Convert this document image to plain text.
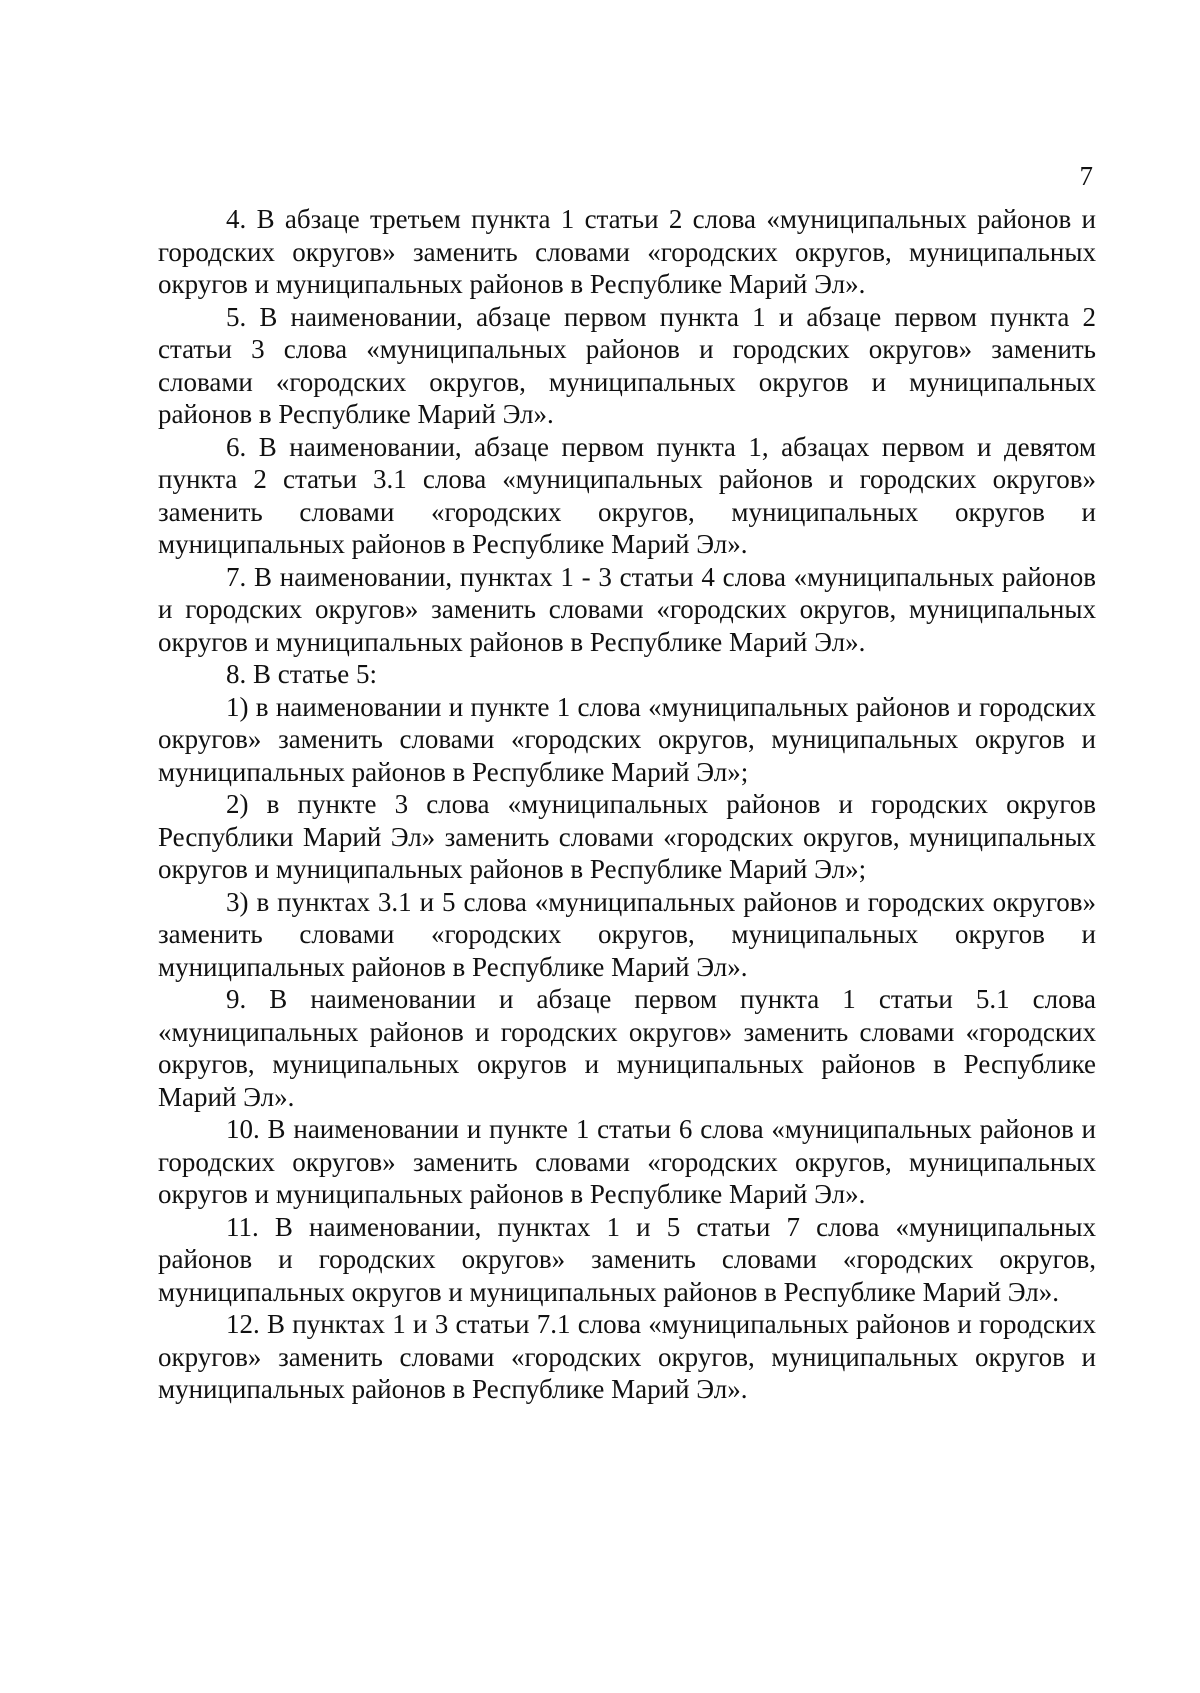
7

4. В абзаце третьем пункта 1 статьи 2 слова «муниципальных районов и городских округов» заменить словами «городских округов, муниципальных округов и муниципальных районов в Республике Марий Эл».

5. В наименовании, абзаце первом пункта 1 и абзаце первом пункта 2 статьи 3 слова «муниципальных районов и городских округов» заменить словами «городских округов, муниципальных округов и муниципальных районов в Республике Марий Эл».

6. В наименовании, абзаце первом пункта 1, абзацах первом и девятом пункта 2 статьи 3.1 слова «муниципальных районов и городских округов» заменить словами «городских округов, муниципальных округов и муниципальных районов в Республике Марий Эл».

7. В наименовании, пунктах 1 - 3 статьи 4 слова «муниципальных районов и городских округов» заменить словами «городских округов, муниципальных округов и муниципальных районов в Республике Марий Эл».

8. В статье 5:

1) в наименовании и пункте 1 слова «муниципальных районов и городских округов» заменить словами «городских округов, муниципальных округов и муниципальных районов в Республике Марий Эл»;

2) в пункте 3 слова «муниципальных районов и городских округов Республики Марий Эл» заменить словами «городских округов, муниципальных округов и муниципальных районов в Республике Марий Эл»;

3) в пунктах 3.1 и 5 слова «муниципальных районов и городских округов» заменить словами «городских округов, муниципальных округов и муниципальных районов в Республике Марий Эл».

9. В наименовании и абзаце первом пункта 1 статьи 5.1 слова «муниципальных районов и городских округов» заменить словами «городских округов, муниципальных округов и муниципальных районов в Республике Марий Эл».

10. В наименовании и пункте 1 статьи 6 слова «муниципальных районов и городских округов» заменить словами «городских округов, муниципальных округов и муниципальных районов в Республике Марий Эл».

11. В наименовании, пунктах 1 и 5 статьи 7 слова «муниципальных районов и городских округов» заменить словами «городских округов, муниципальных округов и муниципальных районов в Республике Марий Эл».

12. В пунктах 1 и 3 статьи 7.1 слова «муниципальных районов и городских округов» заменить словами «городских округов, муниципальных округов и муниципальных районов в Республике Марий Эл».
